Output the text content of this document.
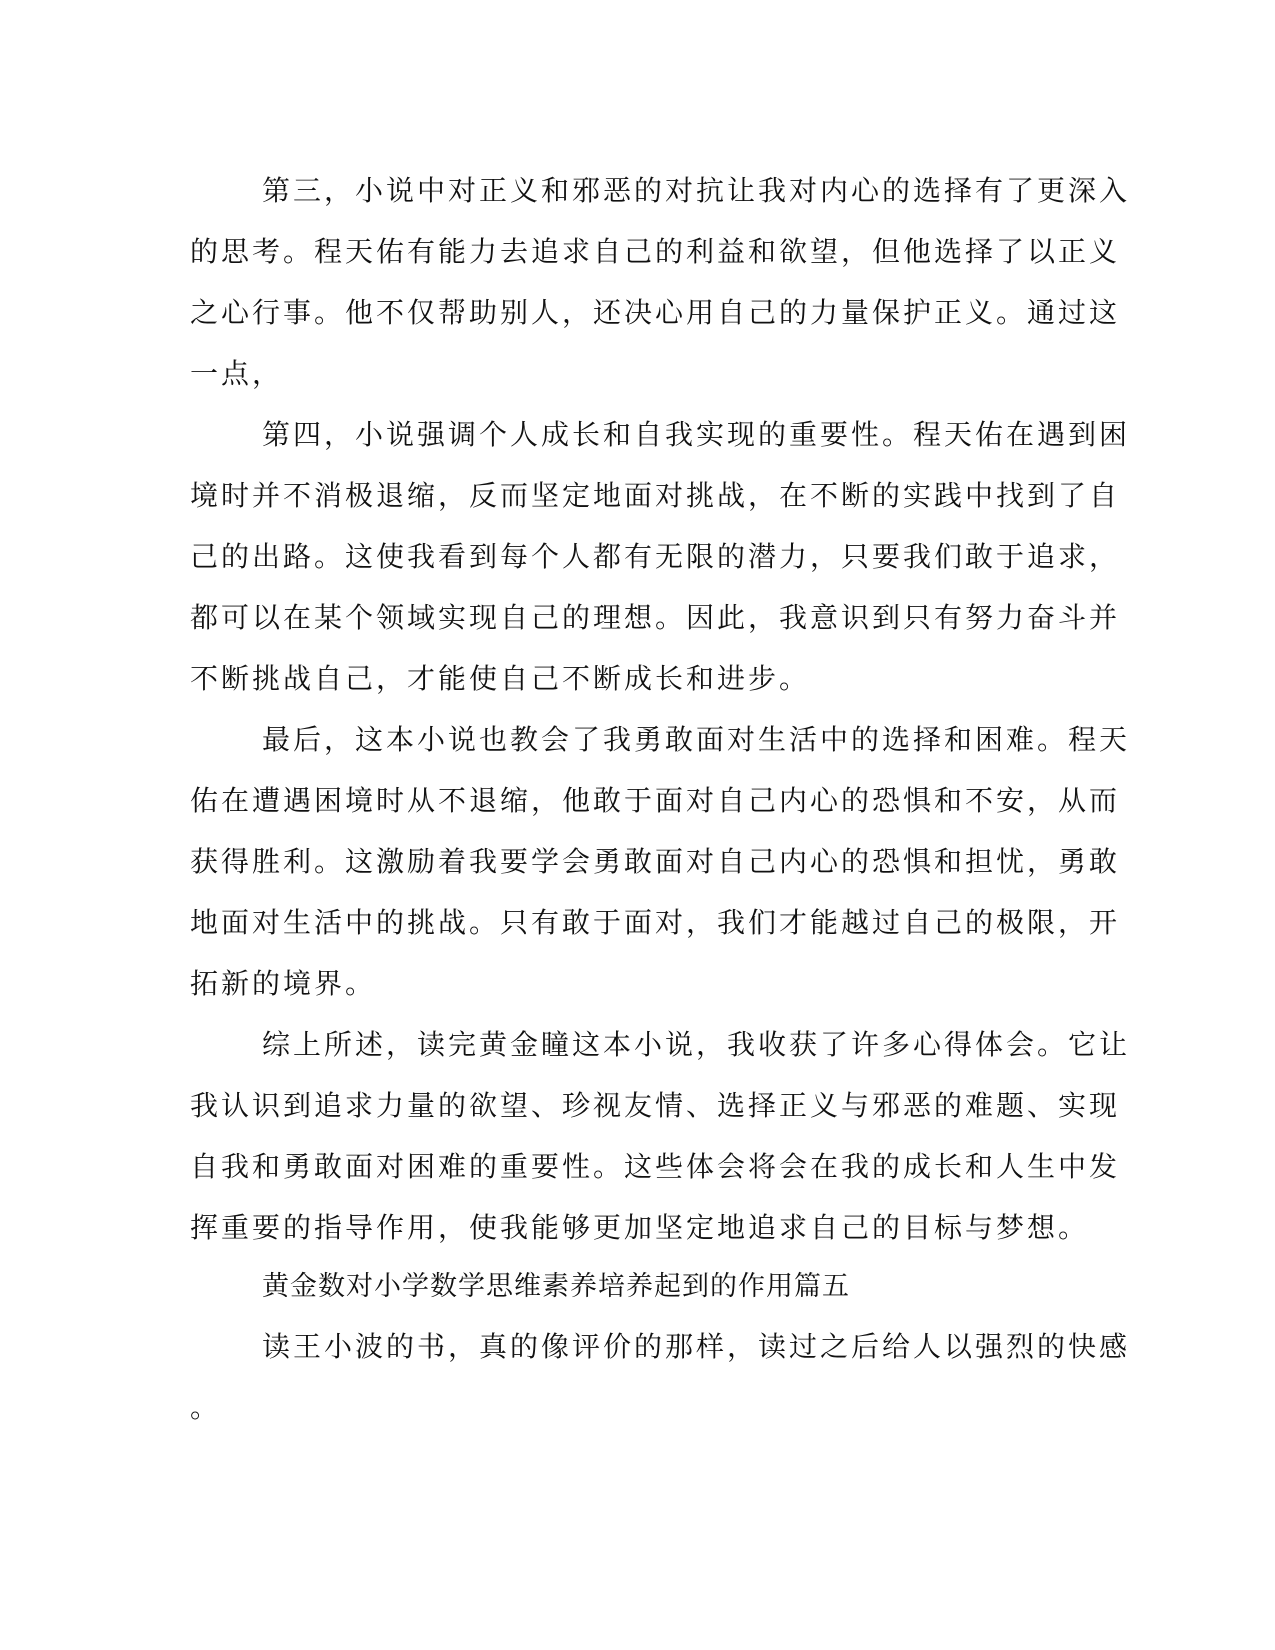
第三，小说中对正义和邪恶的对抗让我对内心的选择有了更深入
的思考。程天佑有能力去追求自己的利益和欲望，但他选择了以正义
之心行事。他不仅帮助别人，还决心用自己的力量保护正义。通过这
一点，

第四，小说强调个人成长和自我实现的重要性。程天佑在遇到困
境时并不消极退缩，反而坚定地面对挑战，在不断的实践中找到了自
己的出路。这使我看到每个人都有无限的潜力，只要我们敢于追求，
都可以在某个领域实现自己的理想。因此，我意识到只有努力奋斗并
不断挑战自己，才能使自己不断成长和进步。

最后，这本小说也教会了我勇敢面对生活中的选择和困难。程天
佑在遭遇困境时从不退缩，他敢于面对自己内心的恐惧和不安，从而
获得胜利。这激励着我要学会勇敢面对自己内心的恐惧和担忧，勇敢
地面对生活中的挑战。只有敢于面对，我们才能越过自己的极限，开
拓新的境界。

综上所述，读完黄金瞳这本小说，我收获了许多心得体会。它让
我认识到追求力量的欲望、珍视友情、选择正义与邪恶的难题、实现
自我和勇敢面对困难的重要性。这些体会将会在我的成长和人生中发
挥重要的指导作用，使我能够更加坚定地追求自己的目标与梦想。

黄金数对小学数学思维素养培养起到的作用篇五

读王小波的书，真的像评价的那样，读过之后给人以强烈的快感
。
